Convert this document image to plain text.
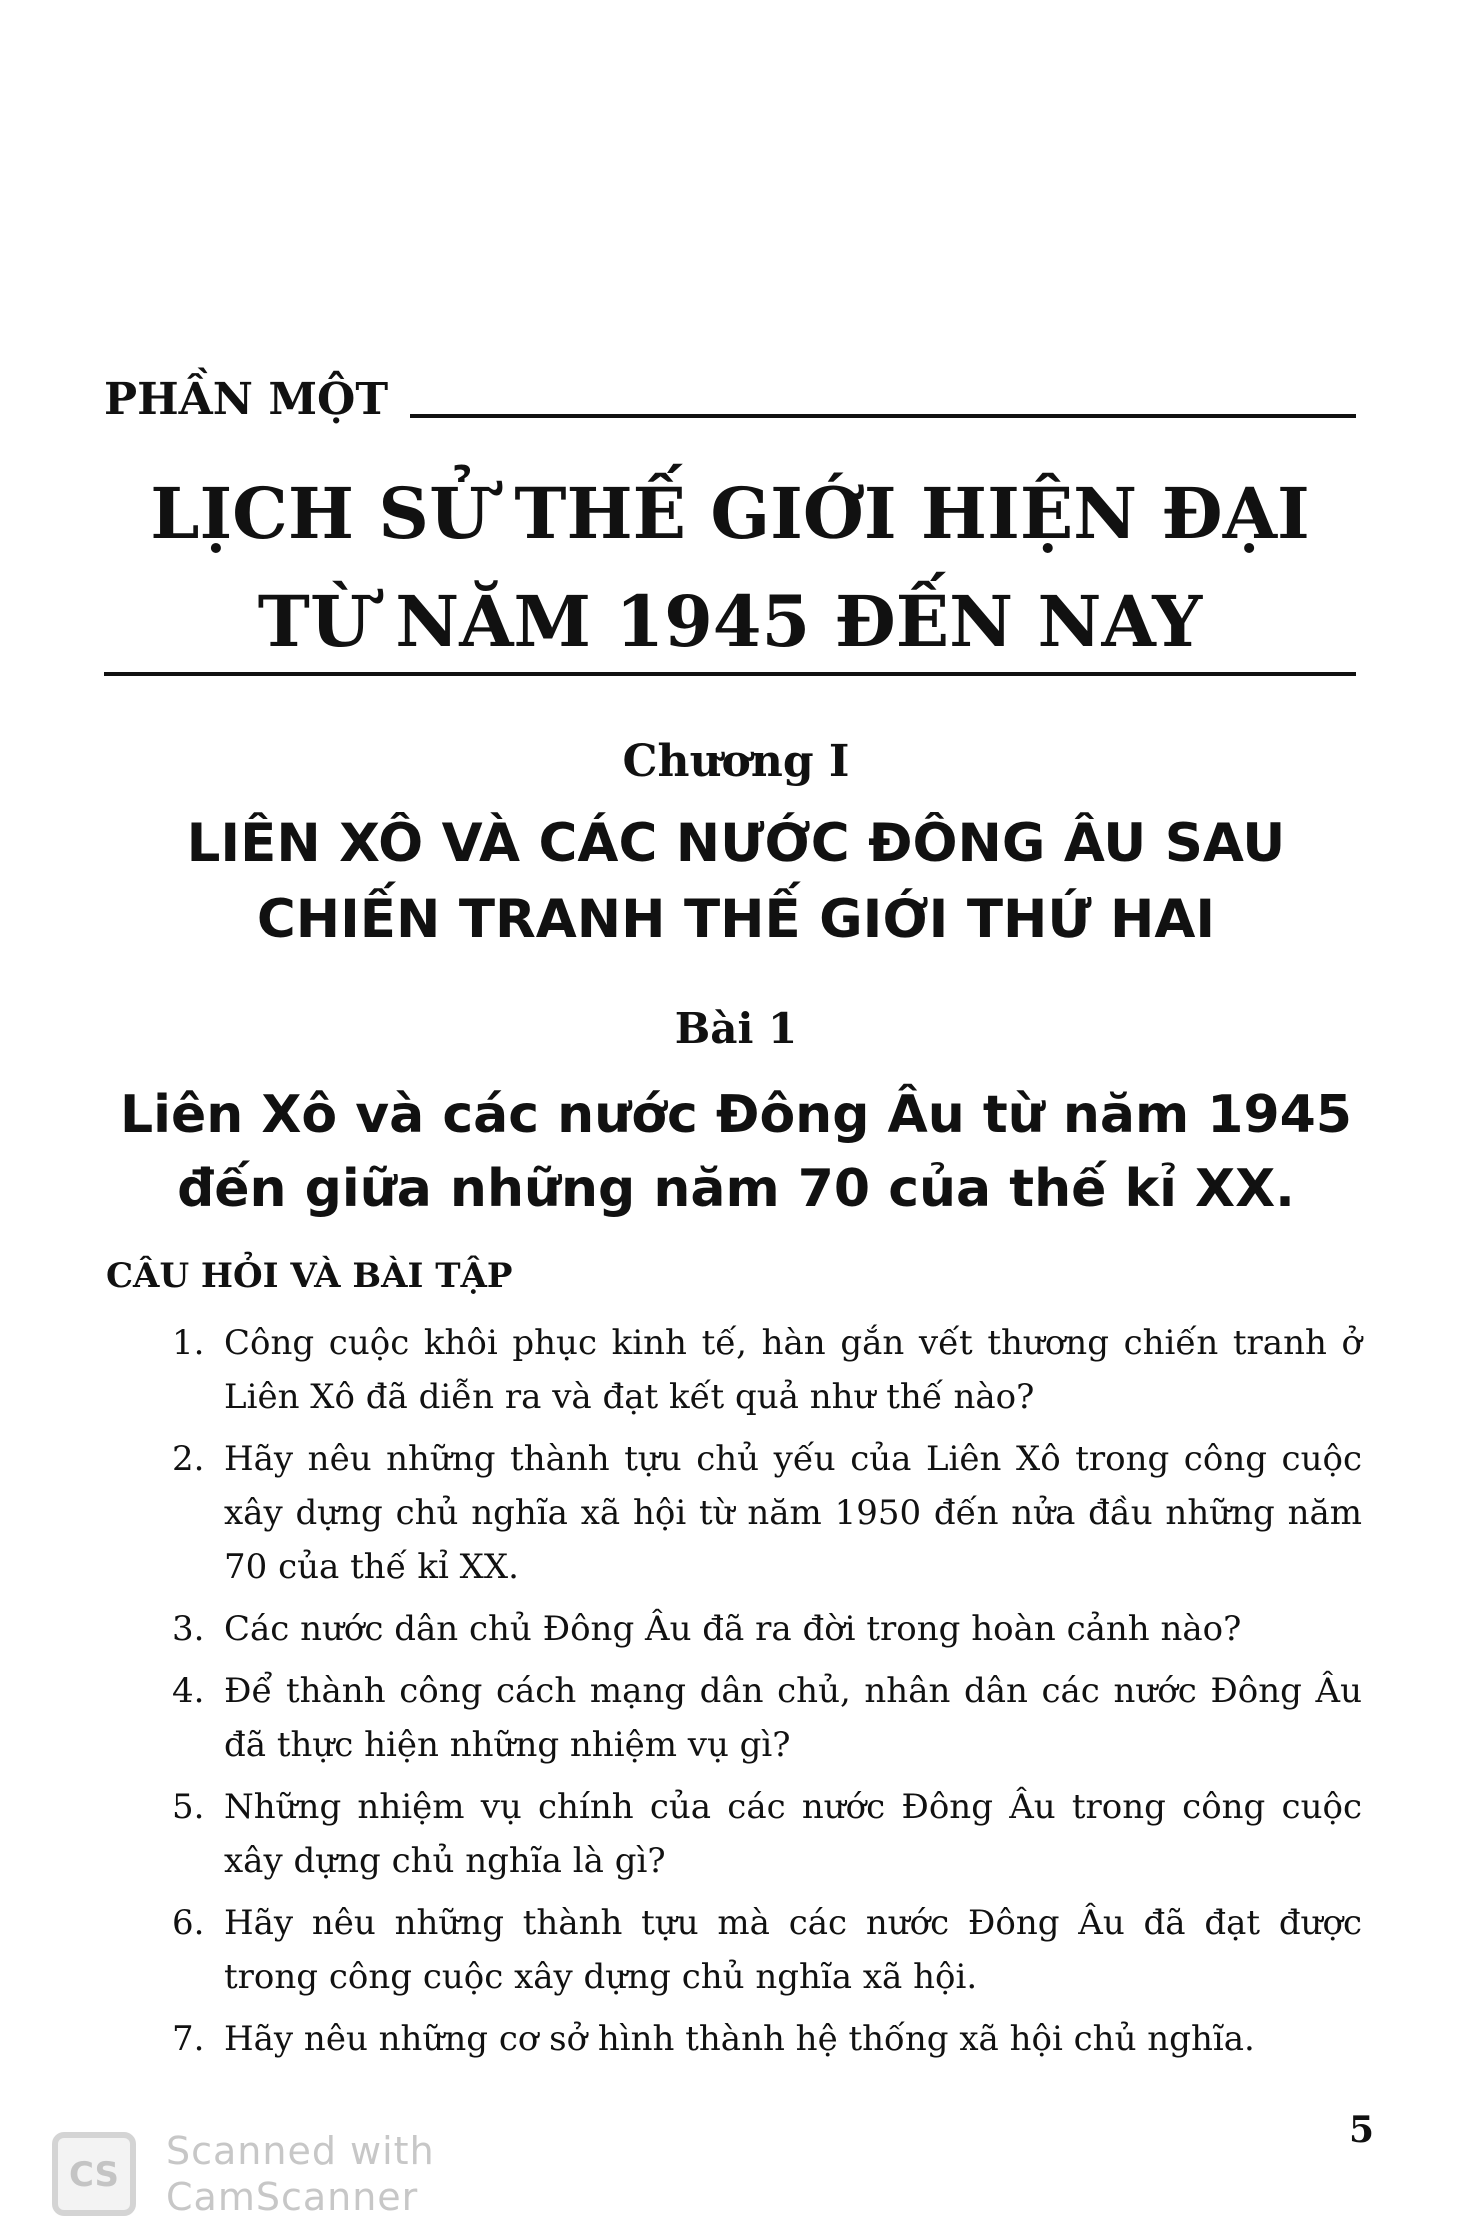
PHẦN MỘT
LỊCH SỬ THẾ GIỚI HIỆN ĐẠI
TỪ NĂM 1945 ĐẾN NAY
Chương I
LIÊN XÔ VÀ CÁC NƯỚC ĐÔNG ÂU SAU
CHIẾN TRANH THẾ GIỚI THỨ HAI
Bài 1
Liên Xô và các nước Đông Âu từ năm 1945
đến giữa những năm 70 của thế kỉ XX.
CÂU HỎI VÀ BÀI TẬP
1. Công cuộc khôi phục kinh tế, hàn gắn vết thương chiến tranh ở Liên Xô đã diễn ra và đạt kết quả như thế nào?
2. Hãy nêu những thành tựu chủ yếu của Liên Xô trong công cuộc xây dựng chủ nghĩa xã hội từ năm 1950 đến nửa đầu những năm 70 của thế kỉ XX.
3. Các nước dân chủ Đông Âu đã ra đời trong hoàn cảnh nào?
4. Để thành công cách mạng dân chủ, nhân dân các nước Đông Âu đã thực hiện những nhiệm vụ gì?
5. Những nhiệm vụ chính của các nước Đông Âu trong công cuộc xây dựng chủ nghĩa là gì?
6. Hãy nêu những thành tựu mà các nước Đông Âu đã đạt được trong công cuộc xây dựng chủ nghĩa xã hội.
7. Hãy nêu những cơ sở hình thành hệ thống xã hội chủ nghĩa.
5
CS
Scanned with
CamScanner
